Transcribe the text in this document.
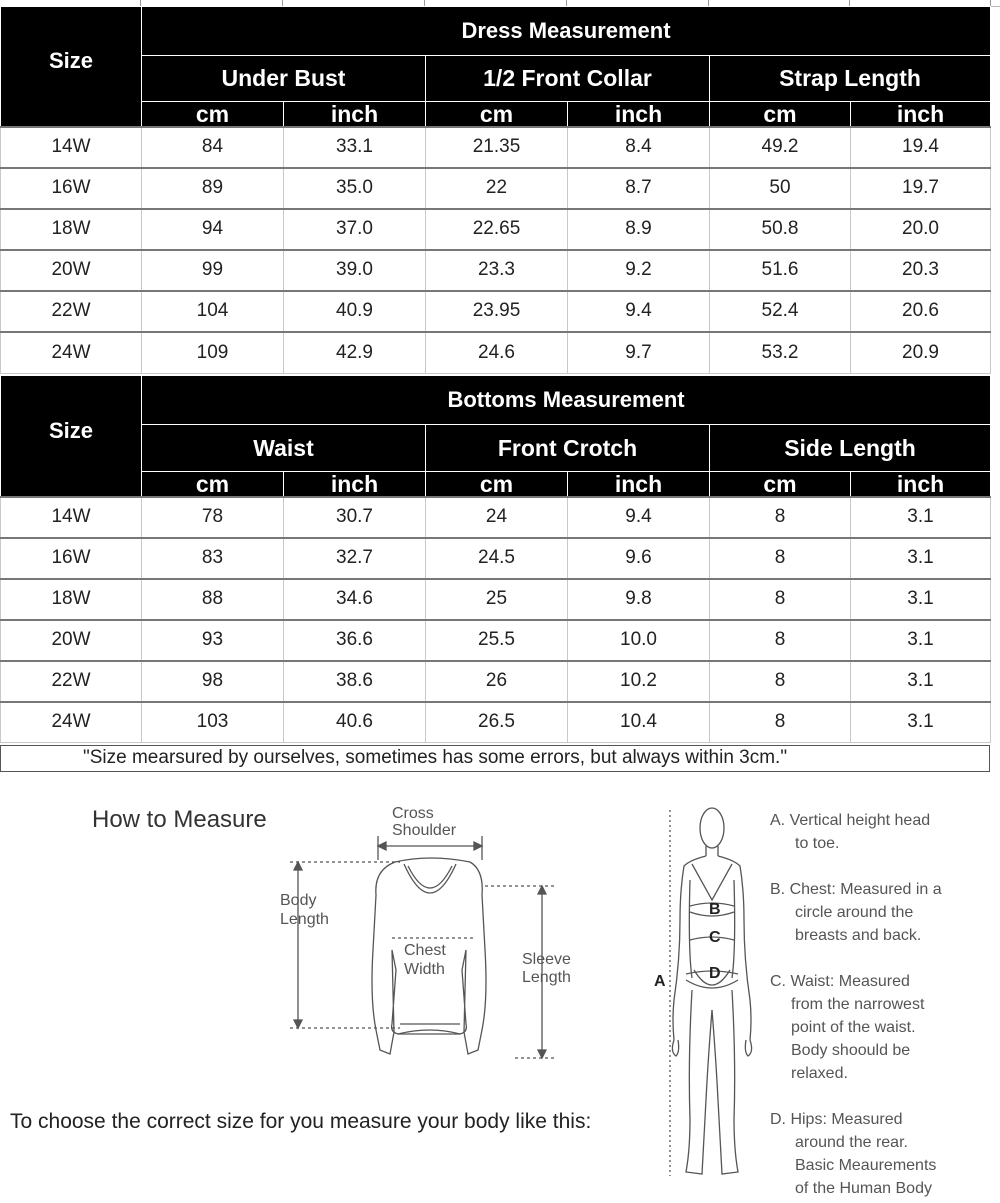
Size	Dress Measurement					
	Under Bust		1/2 Front Collar		Strap Length	
	cm	inch	cm	inch	cm	inch
14W	84	33.1	21.35	8.4	49.2	19.4
16W	89	35.0	22	8.7	50	19.7
18W	94	37.0	22.65	8.9	50.8	20.0
20W	99	39.0	23.3	9.2	51.6	20.3
22W	104	40.9	23.95	9.4	52.4	20.6
24W	109	42.9	24.6	9.7	53.2	20.9
Size	Bottoms Measurement					
	Waist		Front Crotch		Side Length	
	cm	inch	cm	inch	cm	inch
14W	78	30.7	24	9.4	8	3.1
16W	83	32.7	24.5	9.6	8	3.1
18W	88	34.6	25	9.8	8	3.1
20W	93	36.6	25.5	10.0	8	3.1
22W	98	38.6	26	10.2	8	3.1
24W	103	40.6	26.5	10.4	8	3.1
"Size mearsured by ourselves, sometimes has some errors, but always within 3cm."
How to Measure	Cross
Shoulder
Body
Length
Chest
Width
Sleeve
Length
To choose the correct size for you measure your body like this:
A
B
C
D
A. Vertical height head
to toe.
B. Chest: Measured in a
circle around the
breasts and back.
C. Waist: Measured
from the narrowest
point of the waist.
Body shoould be
relaxed.
D. Hips: Measured
around the rear.
Basic Meaurements
of the Human Body
